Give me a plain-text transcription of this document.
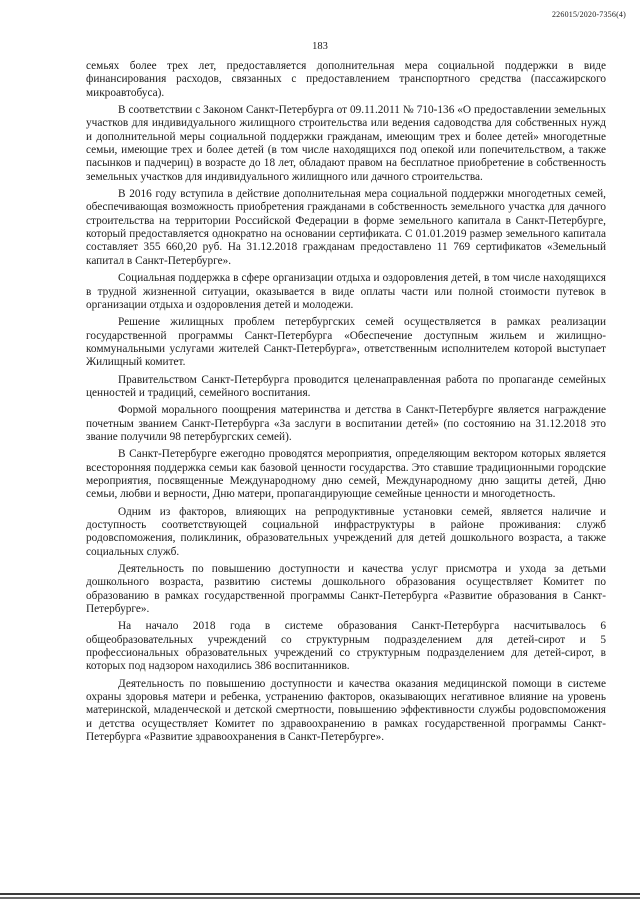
226015/2020-7356(4)
183

семьях более трех лет, предоставляется дополнительная мера социальной поддержки в виде финансирования расходов, связанных с предоставлением транспортного средства (пассажирского микроавтобуса).

В соответствии с Законом Санкт-Петербурга от 09.11.2011 № 710-136 «О предоставлении земельных участков для индивидуального жилищного строительства или ведения садоводства для собственных нужд и дополнительной меры социальной поддержки гражданам, имеющим трех и более детей» многодетные семьи, имеющие трех и более детей (в том числе находящихся под опекой или попечительством, а также пасынков и падчериц) в возрасте до 18 лет, обладают правом на бесплатное приобретение в собственность земельных участков для индивидуального жилищного или дачного строительства.

В 2016 году вступила в действие дополнительная мера социальной поддержки многодетных семей, обеспечивающая возможность приобретения гражданами в собственность земельного участка для дачного строительства на территории Российской Федерации в форме земельного капитала в Санкт-Петербурге, который предоставляется однократно на основании сертификата. С 01.01.2019 размер земельного капитала составляет 355 660,20 руб. На 31.12.2018 гражданам предоставлено 11 769 сертификатов «Земельный капитал в Санкт-Петербурге».

Социальная поддержка в сфере организации отдыха и оздоровления детей, в том числе находящихся в трудной жизненной ситуации, оказывается в виде оплаты части или полной стоимости путевок в организации отдыха и оздоровления детей и молодежи.

Решение жилищных проблем петербургских семей осуществляется в рамках реализации государственной программы Санкт-Петербурга «Обеспечение доступным жильем и жилищно-коммунальными услугами жителей Санкт-Петербурга», ответственным исполнителем которой выступает Жилищный комитет.

Правительством Санкт-Петербурга проводится целенаправленная работа по пропаганде семейных ценностей и традиций, семейного воспитания.

Формой морального поощрения материнства и детства в Санкт-Петербурге является награждение почетным званием Санкт-Петербурга «За заслуги в воспитании детей» (по состоянию на 31.12.2018 это звание получили 98 петербургских семей).

В Санкт-Петербурге ежегодно проводятся мероприятия, определяющим вектором которых является всесторонняя поддержка семьи как базовой ценности государства. Это ставшие традиционными городские мероприятия, посвященные Международному дню семей, Международному дню защиты детей, Дню семьи, любви и верности, Дню матери, пропагандирующие семейные ценности и многодетность.

Одним из факторов, влияющих на репродуктивные установки семей, является наличие и доступность соответствующей социальной инфраструктуры в районе проживания: служб родовспоможения, поликлиник, образовательных учреждений для детей дошкольного возраста, а также социальных служб.

Деятельность по повышению доступности и качества услуг присмотра и ухода за детьми дошкольного возраста, развитию системы дошкольного образования осуществляет Комитет по образованию в рамках государственной программы Санкт-Петербурга «Развитие образования в Санкт-Петербурге».

На начало 2018 года в системе образования Санкт-Петербурга насчитывалось 6 общеобразовательных учреждений со структурным подразделением для детей-сирот и 5 профессиональных образовательных учреждений со структурным подразделением для детей-сирот, в которых под надзором находились 386 воспитанников.

Деятельность по повышению доступности и качества оказания медицинской помощи в системе охраны здоровья матери и ребенка, устранению факторов, оказывающих негативное влияние на уровень материнской, младенческой и детской смертности, повышению эффективности службы родовспоможения и детства осуществляет Комитет по здравоохранению в рамках государственной программы Санкт-Петербурга «Развитие здравоохранения в Санкт-Петербурге».
